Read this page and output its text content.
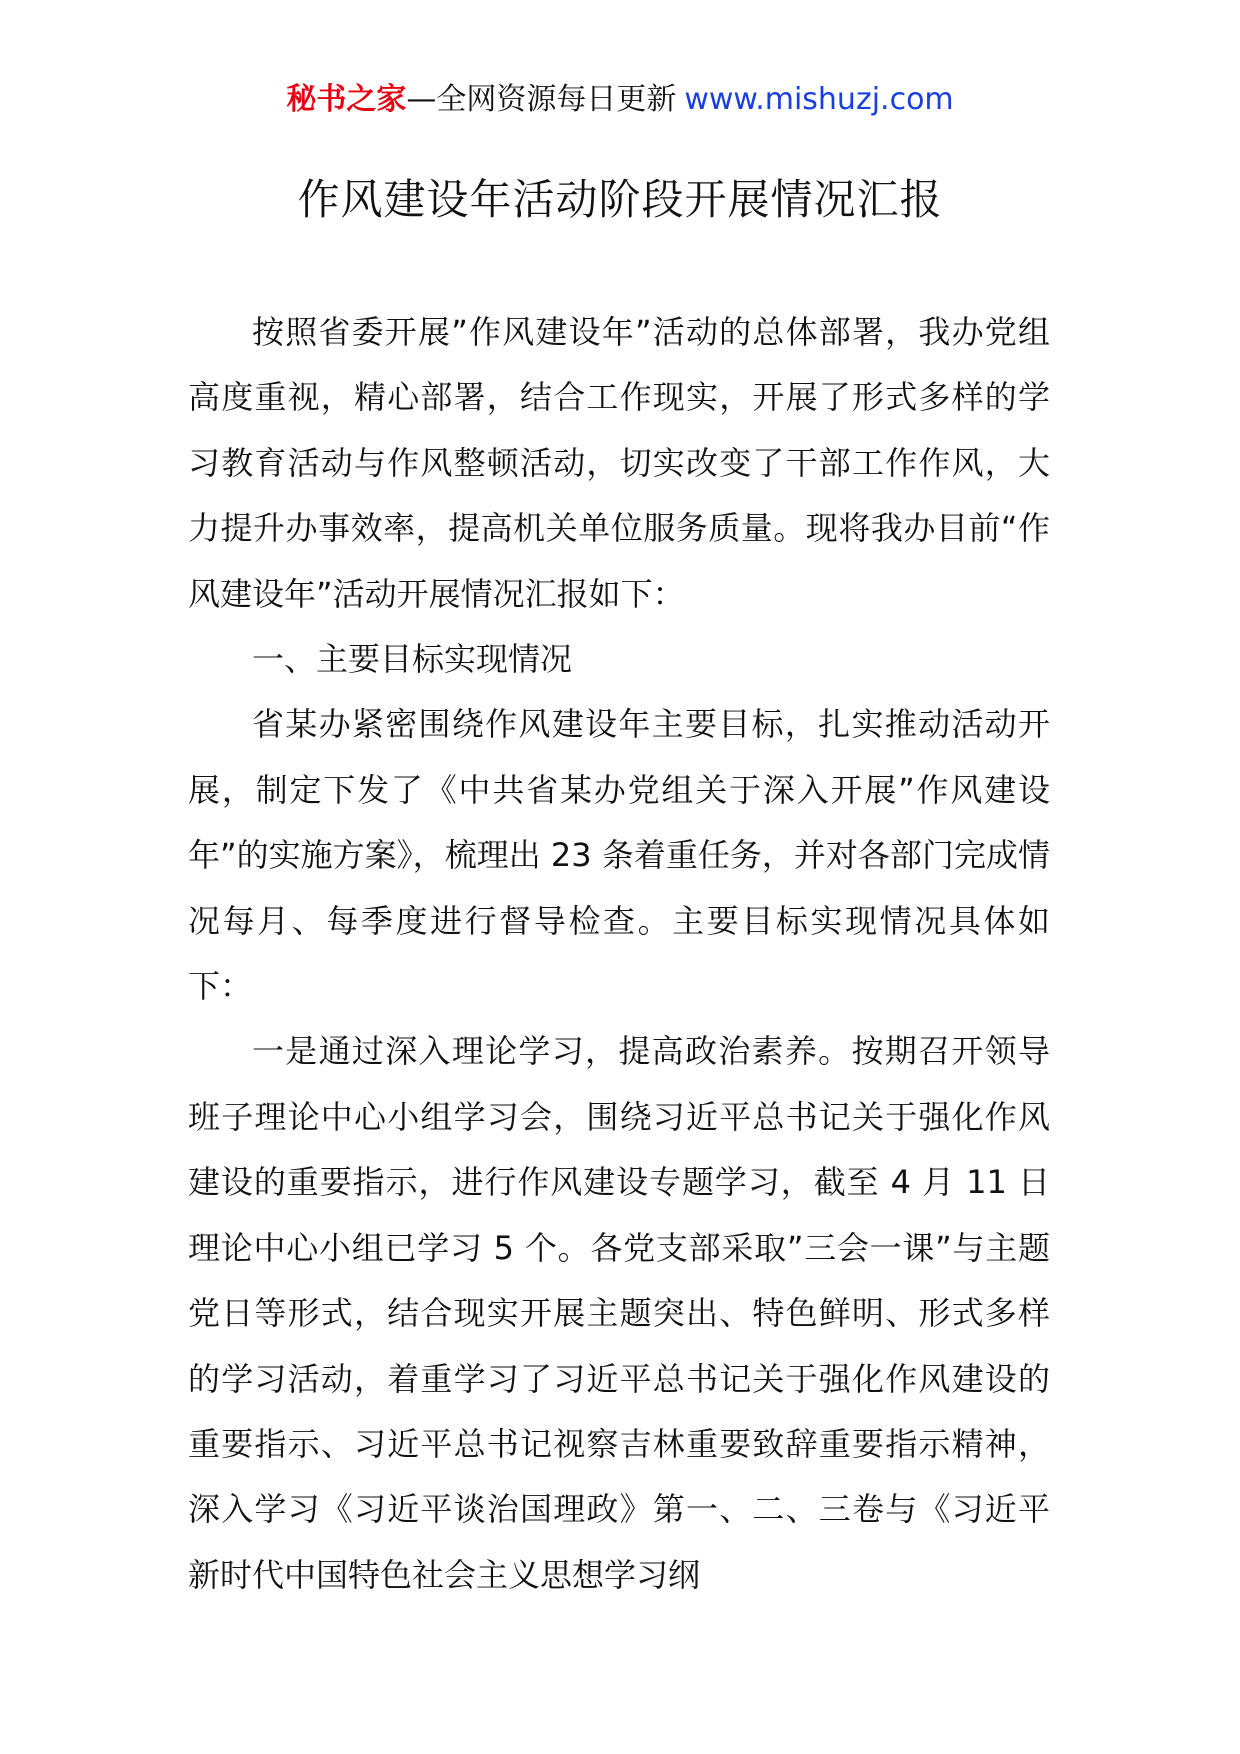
秘书之家—全网资源每日更新 www.mishuzj.com
作风建设年活动阶段开展情况汇报

按照省委开展”作风建设年”活动的总体部署，我办党组高度重视，精心部署，结合工作现实，开展了形式多样的学习教育活动与作风整顿活动，切实改变了干部工作作风，大力提升办事效率，提高机关单位服务质量。现将我办目前“作风建设年”活动开展情况汇报如下：

一、主要目标实现情况

省某办紧密围绕作风建设年主要目标，扎实推动活动开展，制定下发了《中共省某办党组关于深入开展”作风建设年”的实施方案》，梳理出 23 条着重任务，并对各部门完成情况每月、每季度进行督导检查。主要目标实现情况具体如下：

一是通过深入理论学习，提高政治素养。按期召开领导班子理论中心小组学习会，围绕习近平总书记关于强化作风建设的重要指示，进行作风建设专题学习，截至 4 月 11 日理论中心小组已学习 5 个。各党支部采取”三会一课”与主题党日等形式，结合现实开展主题突出、特色鲜明、形式多样的学习活动，着重学习了习近平总书记关于强化作风建设的重要指示、习近平总书记视察吉林重要致辞重要指示精神，深入学习《习近平谈治国理政》第一、二、三卷与《习近平新时代中国特色社会主义思想学习纲
